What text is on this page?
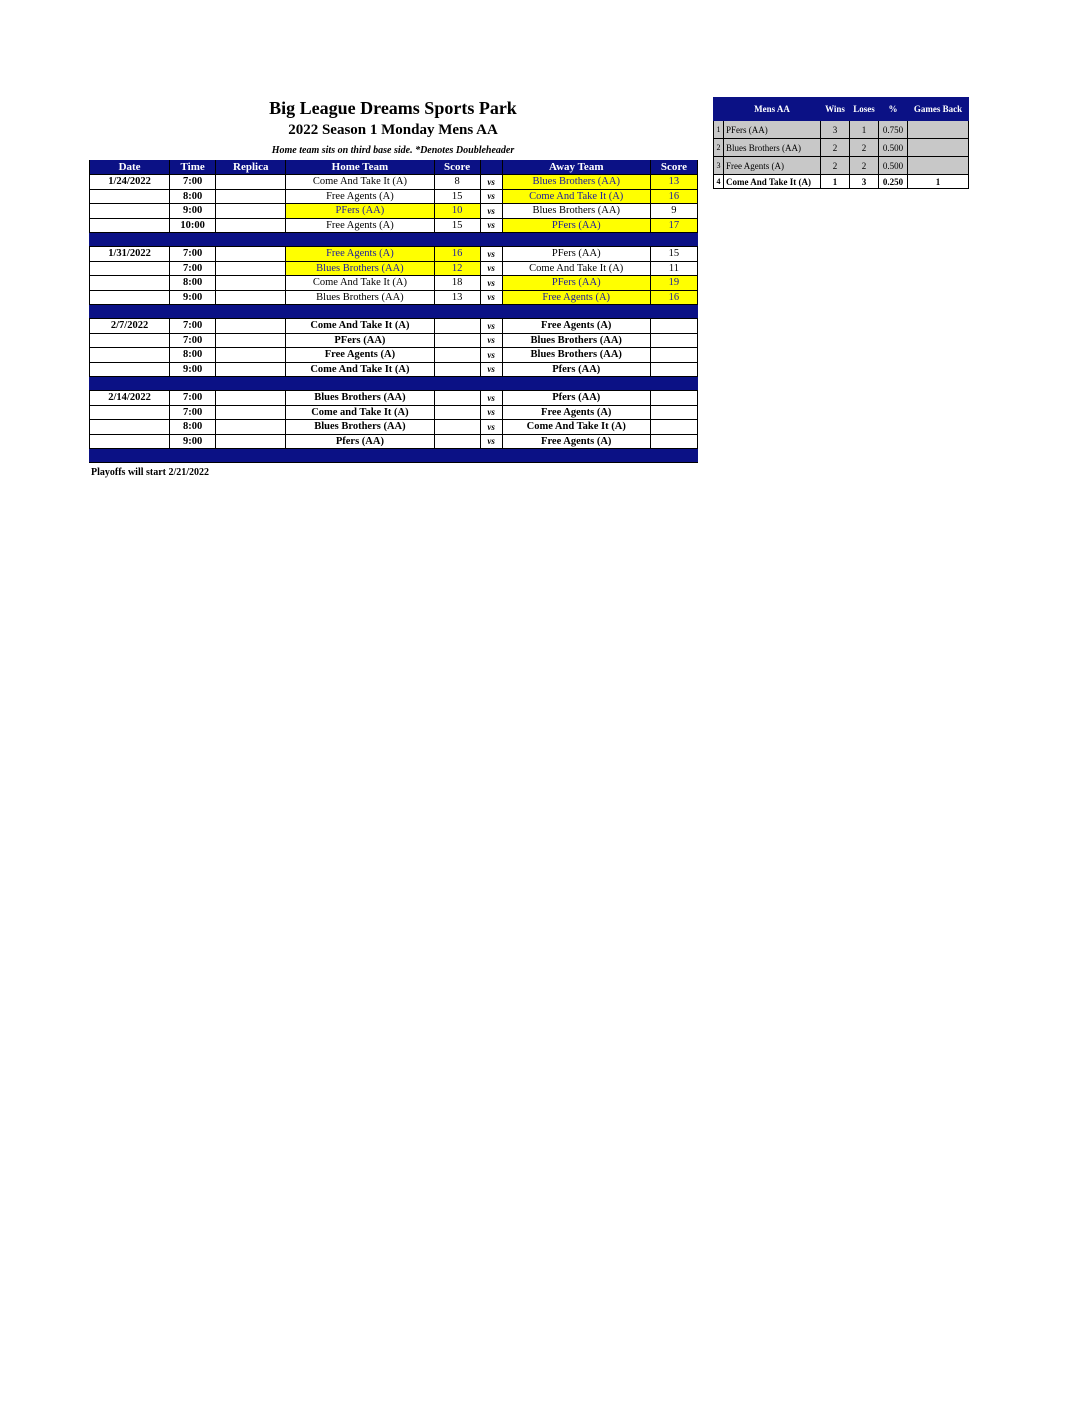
Big League Dreams Sports Park
2022 Season 1 Monday Mens AA
Home team sits on third base side. *Denotes Doubleheader
Date	Time	Replica	Home Team	Score		Away Team	Score
1/24/2022	7:00		Come And Take It (A)	8	vs	Blues Brothers (AA)	13
	8:00		Free Agents (A)	15	vs	Come And Take It (A)	16
	9:00		PFers (AA)	10	vs	Blues Brothers (AA)	9
	10:00		Free Agents (A)	15	vs	PFers (AA)	17

1/31/2022	7:00		Free Agents (A)	16	vs	PFers (AA)	15
	7:00		Blues Brothers (AA)	12	vs	Come And Take It (A)	11
	8:00		Come And Take It (A)	18	vs	PFers (AA)	19
	9:00		Blues Brothers (AA)	13	vs	Free Agents (A)	16

2/7/2022	7:00		Come And Take It (A)		vs	Free Agents (A)	
	7:00		PFers (AA)		vs	Blues Brothers (AA)	
	8:00		Free Agents (A)		vs	Blues Brothers (AA)	
	9:00		Come And Take It (A)		vs	Pfers (AA)	

2/14/2022	7:00		Blues Brothers (AA)		vs	Pfers (AA)	
	7:00		Come and Take It (A)		vs	Free Agents (A)	
	8:00		Blues Brothers (AA)		vs	Come And Take It (A)	
	9:00		Pfers (AA)		vs	Free Agents (A)	

Playoffs will start 2/21/2022
	Mens AA	Wins	Loses	%	Games Back
1	PFers (AA)	3	1	0.750	
2	Blues Brothers (AA)	2	2	0.500	
3	Free Agents (A)	2	2	0.500	
4	Come And Take It (A)	1	3	0.250	1
